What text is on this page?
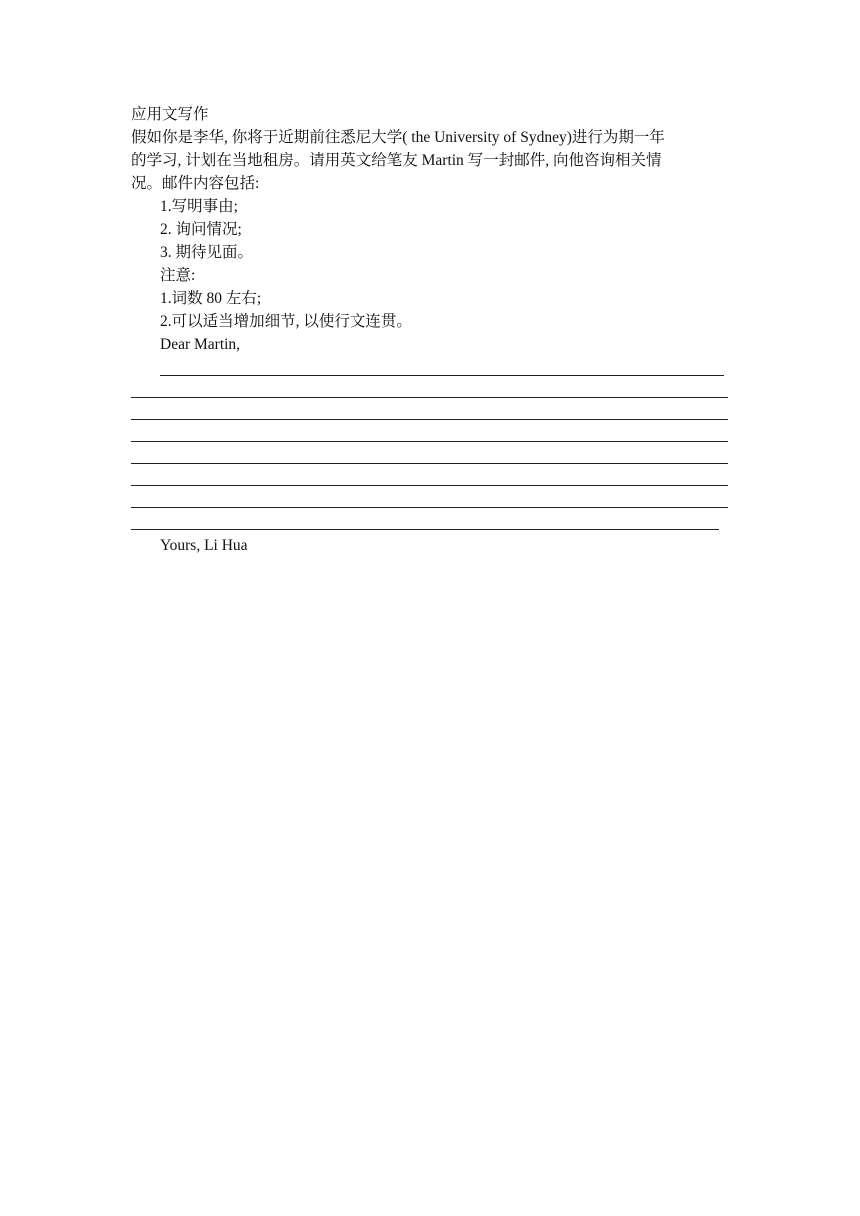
应用文写作
假如你是李华, 你将于近期前往悉尼大学( the University of Sydney)进行为期一年
的学习, 计划在当地租房。请用英文给笔友 Martin 写一封邮件, 向他咨询相关情
况。邮件内容包括:
1.写明事由;
2. 询问情况;
3. 期待见面。
注意:
1.词数 80 左右;
2.可以适当增加细节, 以使行文连贯。
Dear Martin,
Yours, Li Hua
